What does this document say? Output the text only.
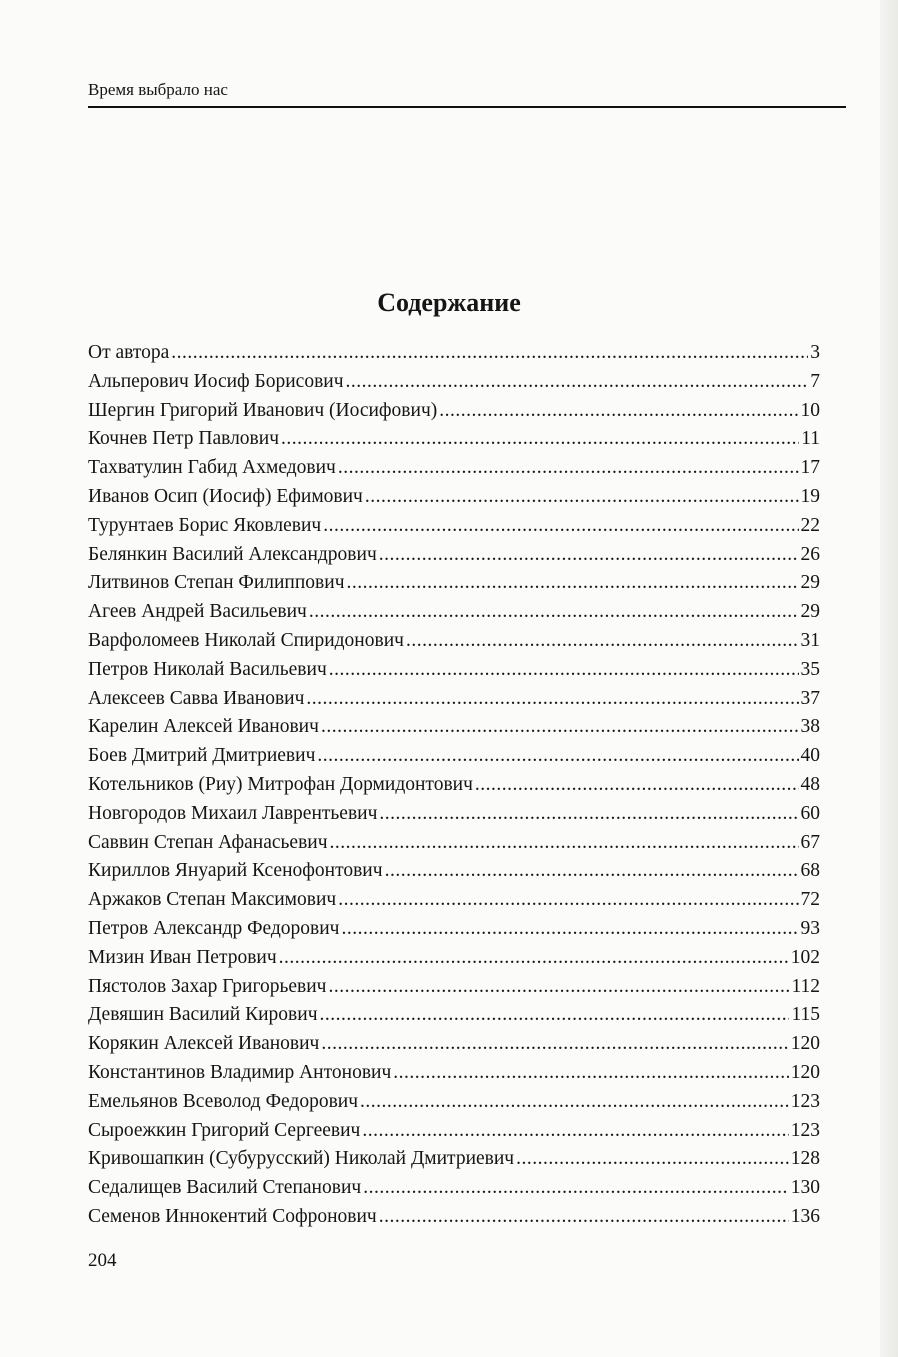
Время выбрало нас
Содержание
От автора .....	3
Альперович Иосиф Борисович .....	7
Шергин Григорий Иванович (Иосифович) .....	10
Кочнев Петр Павлович .....	11
Тахватулин Габид Ахмедович .....	17
Иванов Осип (Иосиф) Ефимович .....	19
Турунтаев Борис Яковлевич .....	22
Белянкин Василий Александрович .....	26
Литвинов Степан Филиппович .....	29
Агеев Андрей Васильевич .....	29
Варфоломеев Николай Спиридонович .....	31
Петров Николай Васильевич .....	35
Алексеев Савва Иванович .....	37
Карелин Алексей Иванович .....	38
Боев Дмитрий Дмитриевич .....	40
Котельников (Риу) Митрофан Дормидонтович .....	48
Новгородов Михаил Лаврентьевич .....	60
Саввин Степан Афанасьевич .....	67
Кириллов Януарий Ксенофонтович .....	68
Аржаков Степан Максимович .....	72
Петров Александр Федорович .....	93
Мизин Иван Петрович .....	102
Пястолов Захар Григорьевич .....	112
Девяшин Василий Кирович .....	115
Корякин Алексей Иванович .....	120
Константинов Владимир Антонович .....	120
Емельянов Всеволод Федорович .....	123
Сыроежкин Григорий Сергеевич .....	123
Кривошапкин (Субурусский) Николай Дмитриевич .....	128
Седалищев Василий Степанович .....	130
Семенов Иннокентий Софронович .....	136
204
